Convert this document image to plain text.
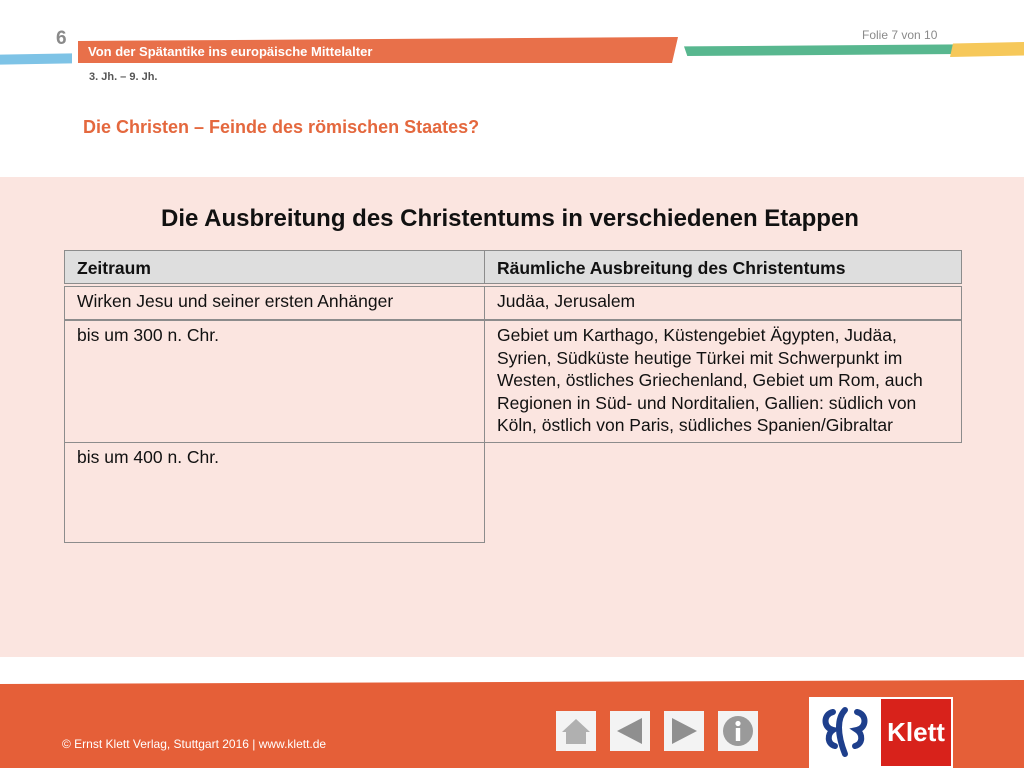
6
Von der Spätantike ins europäische Mittelalter
Folie 7 von 10
3. Jh. – 9. Jh.
Die Christen – Feinde des römischen Staates?
Die Ausbreitung des Christentums in verschiedenen Etappen
Zeitraum	Räumliche Ausbreitung des Christentums
Wirken Jesu und seiner ersten Anhänger	Judäa, Jerusalem
bis um 300 n. Chr.	Gebiet um Karthago, Küstengebiet Ägypten, Judäa, Syrien, Südküste heutige Türkei mit Schwerpunkt im Westen, östliches Griechenland, Gebiet um Rom, auch Regionen in Süd- und Norditalien, Gallien: südlich von Köln, östlich von Paris, südliches Spanien/Gibraltar
bis um 400 n. Chr.
© Ernst Klett Verlag, Stuttgart 2016 | www.klett.de	Klett
